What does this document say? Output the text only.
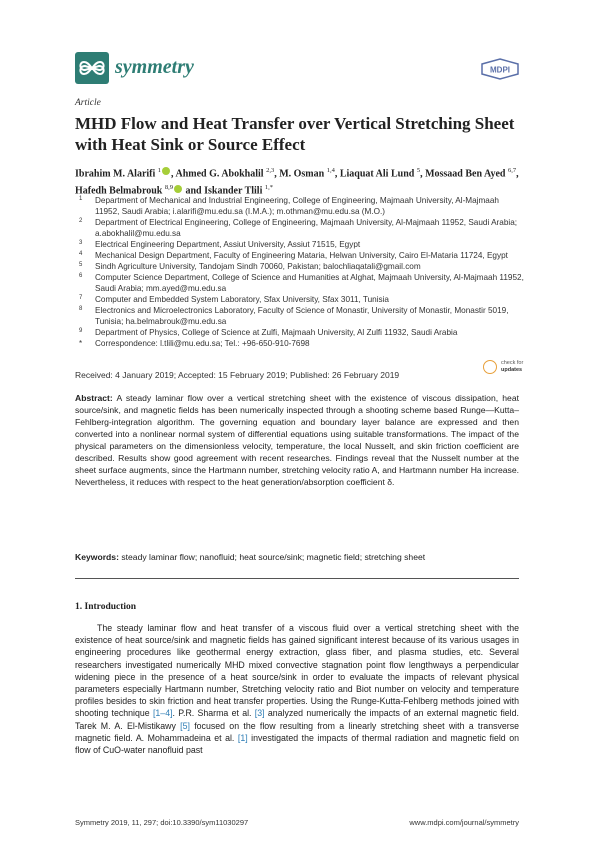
symmetry	MDPI
Article
MHD Flow and Heat Transfer over Vertical Stretching Sheet with Heat Sink or Source Effect
Ibrahim M. Alarifi $^1$ , Ahmed G. Abokhalil $^{2,3}$, M. Osman $^{1,4}$, Liaquat Ali Lund $^5$, Mossaad Ben Ayed $^{6,7}$, Hafedh Belmabrouk $^{8,9}$ and Iskander Tlili $^{1,*}$
1 Department of Mechanical and Industrial Engineering, College of Engineering, Majmaah University, Al-Majmaah 11952, Saudi Arabia; i.alarifi@mu.edu.sa (I.M.A.); m.othman@mu.edu.sa (M.O.)
2 Department of Electrical Engineering, College of Engineering, Majmaah University, Al-Majmaah 11952, Saudi Arabia; a.abokhalil@mu.edu.sa
3 Electrical Engineering Department, Assiut University, Assiut 71515, Egypt
4 Mechanical Design Department, Faculty of Engineering Mataria, Helwan University, Cairo El-Mataria 11724, Egypt
5 Sindh Agriculture University, Tandojam Sindh 70060, Pakistan; balochliaqatali@gmail.com
6 Computer Science Department, College of Science and Humanities at Alghat, Majmaah University, Al-Majmaah 11952, Saudi Arabia; mm.ayed@mu.edu.sa
7 Computer and Embedded System Laboratory, Sfax University, Sfax 3011, Tunisia
8 Electronics and Microelectronics Laboratory, Faculty of Science of Monastir, University of Monastir, Monastir 5019, Tunisia; ha.belmabrouk@mu.edu.sa
9 Department of Physics, College of Science at Zulfi, Majmaah University, Al Zulfi 11932, Saudi Arabia
* Correspondence: l.tlili@mu.edu.sa; Tel.: +96-650-910-7698
check for
updates
Received: 4 January 2019; Accepted: 15 February 2019; Published: 26 February 2019
Abstract: A steady laminar flow over a vertical stretching sheet with the existence of viscous dissipation, heat source/sink, and magnetic fields has been numerically inspected through a shooting scheme based Runge—Kutta–Fehlberg-integration algorithm. The governing equation and boundary layer balance are expressed and then converted into a nonlinear normal system of differential equations using suitable transformations. The impact of the physical parameters on the dimensionless velocity, temperature, the local Nusselt, and skin friction coefficient are described. Results show good agreement with recent researches. Findings reveal that the Nusselt number at the sheet surface augments, since the Hartmann number, stretching velocity ratio A, and Hartmann number Ha increase. Nevertheless, it reduces with respect to the heat generation/absorption coefficient δ.
Keywords: steady laminar flow; nanofluid; heat source/sink; magnetic field; stretching sheet
1. Introduction
The steady laminar flow and heat transfer of a viscous fluid over a vertical stretching sheet with the existence of heat source/sink and magnetic fields has gained significant interest because of its various usages in engineering procedures like geothermal energy extraction, glass fiber, and plasma studies, etc. Several researchers investigated numerically MHD mixed convective stagnation point flow lengthways a perpendicular widening piece in the presence of a heat source/sink in order to evaluate the impacts of relevant physical parameters especially Hartmann number, Stretching velocity ratio and Biot number on velocity and temperature profiles besides to skin friction and heat transfer properties. Using the Runge-Kutta-Fehlberg methods joined with shooting technique [1–4]. P.R. Sharma et al. [3] analyzed numerically the impacts of an external magnetic field. Tarek M. A. El-Mistikawy [5] focused on the flow resulting from a linearly stretching sheet with a transverse magnetic field. A. Mohammadeina et al. [1] investigated the impacts of thermal radiation and magnetic field on flow of CuO-water nanofluid past
Symmetry 2019, 11, 297; doi:10.3390/sym11030297	www.mdpi.com/journal/symmetry
